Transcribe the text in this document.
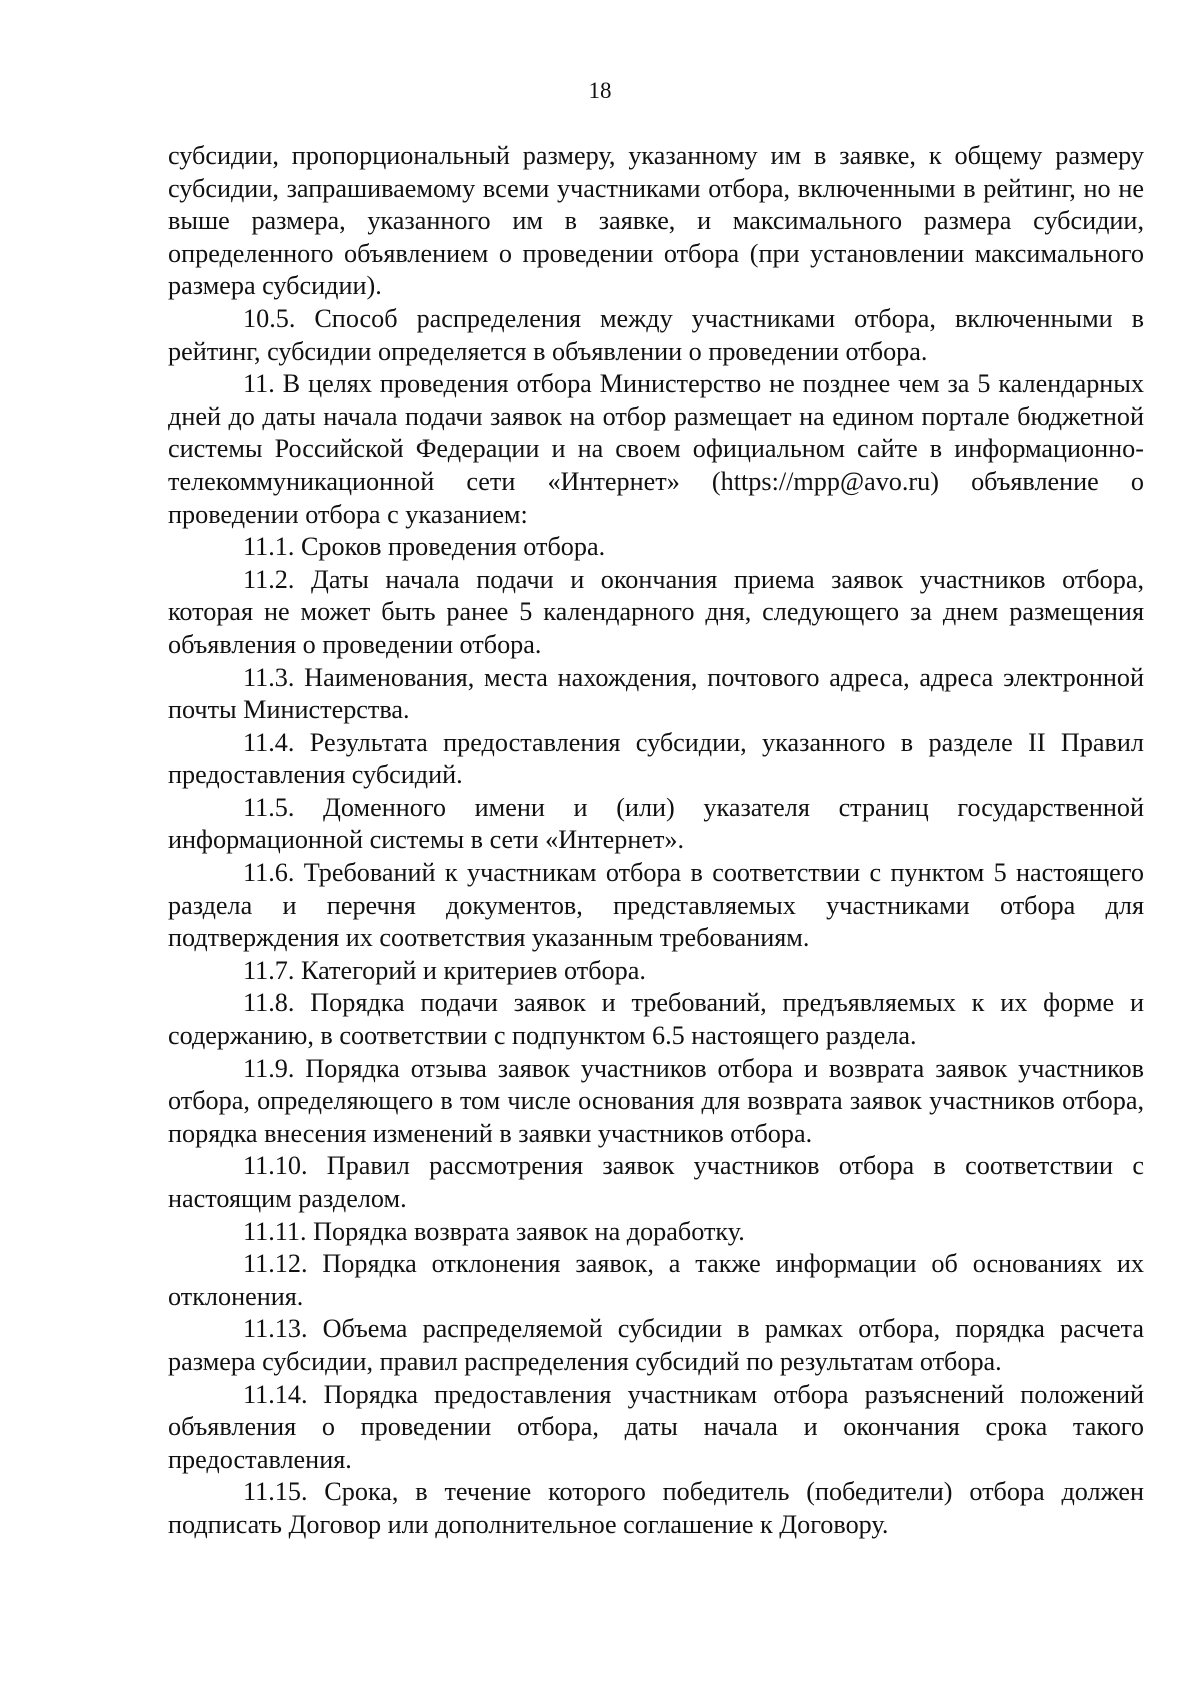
18

субсидии, пропорциональный размеру, указанному им в заявке, к общему размеру субсидии, запрашиваемому всеми участниками отбора, включенными в рейтинг, но не выше размера, указанного им в заявке, и максимального размера субсидии, определенного объявлением о проведении отбора (при установлении максимального размера субсидии).

10.5. Способ распределения между участниками отбора, включенными в рейтинг, субсидии определяется в объявлении о проведении отбора.

11. В целях проведения отбора Министерство не позднее чем за 5 календарных дней до даты начала подачи заявок на отбор размещает на едином портале бюджетной системы Российской Федерации и на своем официальном сайте в информационно-телекоммуникационной сети «Интернет» (https://mpp@avo.ru) объявление о проведении отбора с указанием:

11.1. Сроков проведения отбора.

11.2. Даты начала подачи и окончания приема заявок участников отбора, которая не может быть ранее 5 календарного дня, следующего за днем размещения объявления о проведении отбора.

11.3. Наименования, места нахождения, почтового адреса, адреса электронной почты Министерства.

11.4. Результата предоставления субсидии, указанного в разделе II Правил предоставления субсидий.

11.5. Доменного имени и (или) указателя страниц государственной информационной системы в сети «Интернет».

11.6. Требований к участникам отбора в соответствии с пунктом 5 настоящего раздела и перечня документов, представляемых участниками отбора для подтверждения их соответствия указанным требованиям.

11.7. Категорий и критериев отбора.

11.8. Порядка подачи заявок и требований, предъявляемых к их форме и содержанию, в соответствии с подпунктом 6.5 настоящего раздела.

11.9. Порядка отзыва заявок участников отбора и возврата заявок участников отбора, определяющего в том числе основания для возврата заявок участников отбора, порядка внесения изменений в заявки участников отбора.

11.10. Правил рассмотрения заявок участников отбора в соответствии с настоящим разделом.

11.11. Порядка возврата заявок на доработку.

11.12. Порядка отклонения заявок, а также информации об основаниях их отклонения.

11.13. Объема распределяемой субсидии в рамках отбора, порядка расчета размера субсидии, правил распределения субсидий по результатам отбора.

11.14. Порядка предоставления участникам отбора разъяснений положений объявления о проведении отбора, даты начала и окончания срока такого предоставления.

11.15. Срока, в течение которого победитель (победители) отбора должен подписать Договор или дополнительное соглашение к Договору.
